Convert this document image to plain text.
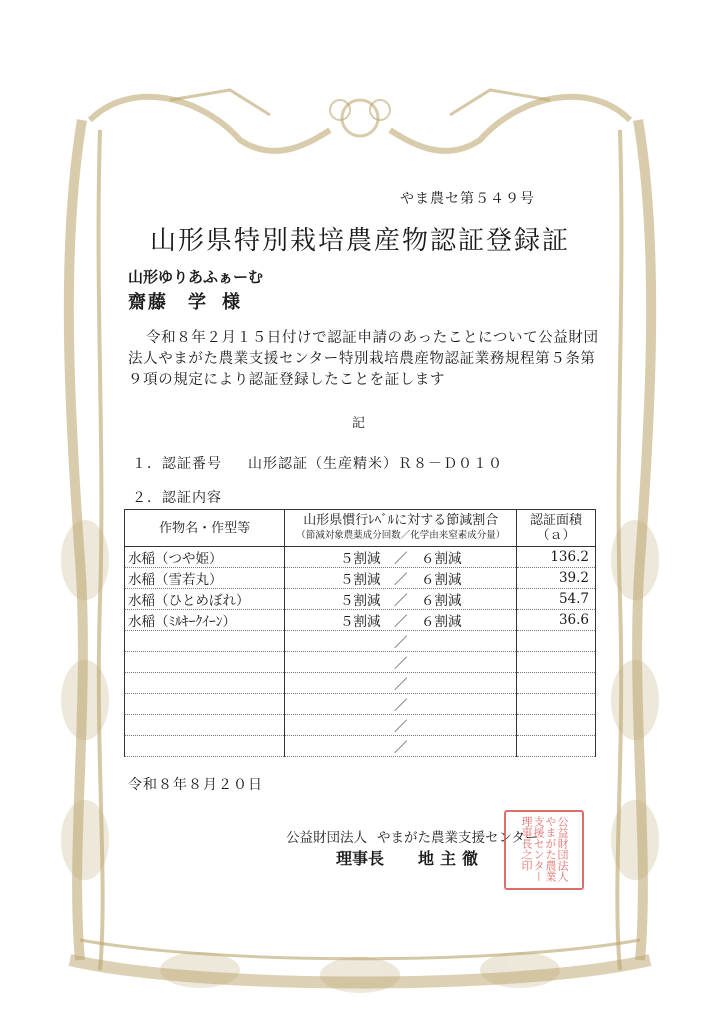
やま農セ第５４９号
山形県特別栽培農産物認証登録証
山形ゆりあふぁーむ
齋藤　学 様
令和８年２月１５日付けで認証申請のあったことについて公益財団法人やまがた農業支援センター特別栽培農産物認証業務規程第５条第９項の規定により認証登録したことを証します
記
１．認証番号 山形認証（生産精米）Ｒ８－Ｄ０１０
２．認証内容
作物名・作型等	山形県慣行ﾚﾍﾞﾙに対する節減割合
（節減対象農薬成分回数／化学由来窒素成分量）	認証面積
（ａ）
水稲（つや姫）	５割減　／　６割減	136.2
水稲（雪若丸）	５割減　／　６割減	39.2
水稲（ひとめぼれ）	５割減　／　６割減	54.7
水稲（ﾐﾙｷｰｸｲｰﾝ）	５割減　／　６割減	36.6
	／	
	／	
	／	
	／	
	／	
	／	
令和８年８月２０日
公益財団法人 やまがた農業支援センター
理事長 地主徹	公益財団法人やまがた農業支援センター理事長之印
